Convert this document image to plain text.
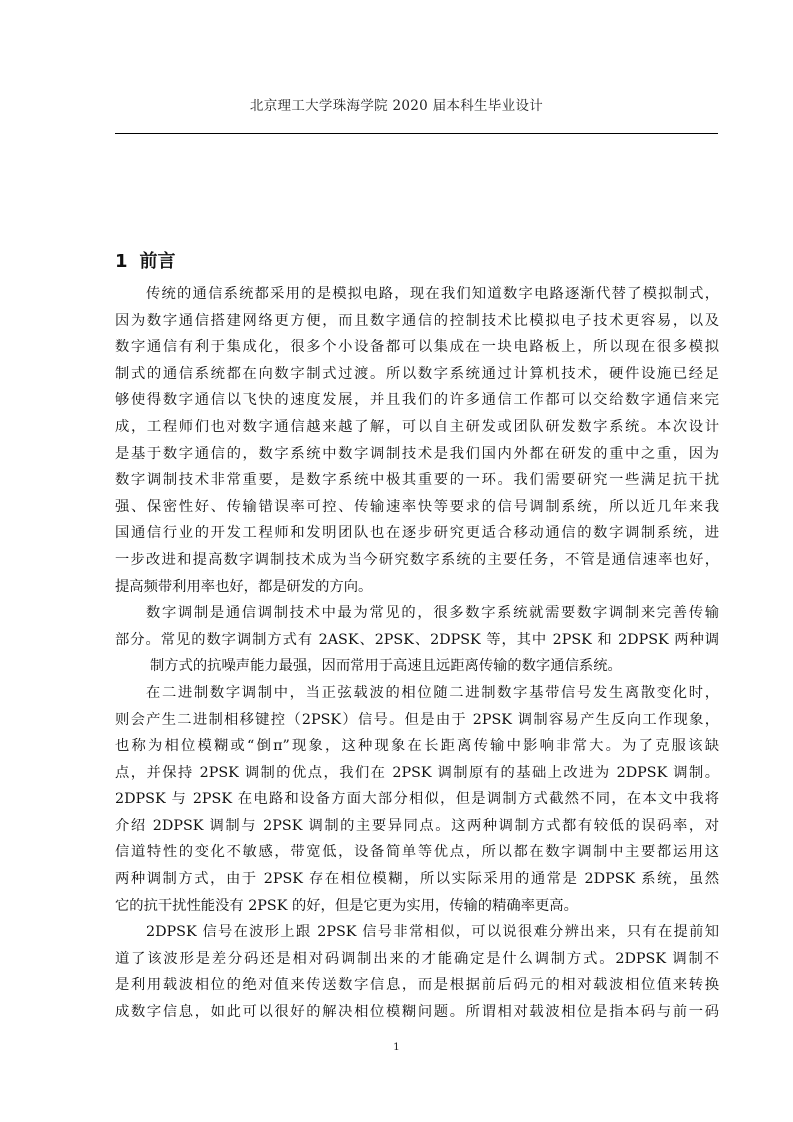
北京理工大学珠海学院 2020 届本科生毕业设计
1 前言
传统的通信系统都采用的是模拟电路，现在我们知道数字电路逐渐代替了模拟制式，
因为数字通信搭建网络更方便，而且数字通信的控制技术比模拟电子技术更容易，以及
数字通信有利于集成化，很多个小设备都可以集成在一块电路板上，所以现在很多模拟
制式的通信系统都在向数字制式过渡。所以数字系统通过计算机技术，硬件设施已经足
够使得数字通信以飞快的速度发展，并且我们的许多通信工作都可以交给数字通信来完
成，工程师们也对数字通信越来越了解，可以自主研发或团队研发数字系统。本次设计
是基于数字通信的，数字系统中数字调制技术是我们国内外都在研发的重中之重，因为
数字调制技术非常重要，是数字系统中极其重要的一环。我们需要研究一些满足抗干扰
强、保密性好、传输错误率可控、传输速率快等要求的信号调制系统，所以近几年来我
国通信行业的开发工程师和发明团队也在逐步研究更适合移动通信的数字调制系统，进
一步改进和提高数字调制技术成为当今研究数字系统的主要任务，不管是通信速率也好，
提高频带利用率也好，都是研发的方向。
数字调制是通信调制技术中最为常见的，很多数字系统就需要数字调制来完善传输
部分。常见的数字调制方式有 2ASK、2PSK、2DPSK 等，其中 2PSK 和 2DPSK 两种调
制方式的抗噪声能力最强，因而常用于高速且远距离传输的数字通信系统。
在二进制数字调制中，当正弦载波的相位随二进制数字基带信号发生离散变化时，
则会产生二进制相移键控（2PSK）信号。但是由于 2PSK 调制容易产生反向工作现象，
也称为相位模糊或“倒π”现象，这种现象在长距离传输中影响非常大。为了克服该缺
点，并保持 2PSK 调制的优点，我们在 2PSK 调制原有的基础上改进为 2DPSK 调制。
2DPSK 与 2PSK 在电路和设备方面大部分相似，但是调制方式截然不同，在本文中我将
介绍 2DPSK 调制与 2PSK 调制的主要异同点。这两种调制方式都有较低的误码率，对
信道特性的变化不敏感，带宽低，设备简单等优点，所以都在数字调制中主要都运用这
两种调制方式，由于 2PSK 存在相位模糊，所以实际采用的通常是 2DPSK 系统，虽然
它的抗干扰性能没有 2PSK 的好，但是它更为实用，传输的精确率更高。
2DPSK 信号在波形上跟 2PSK 信号非常相似，可以说很难分辨出来，只有在提前知
道了该波形是差分码还是相对码调制出来的才能确定是什么调制方式。2DPSK 调制不
是利用载波相位的绝对值来传送数字信息，而是根据前后码元的相对载波相位值来转换
成数字信息，如此可以很好的解决相位模糊问题。所谓相对载波相位是指本码与前一码
1
